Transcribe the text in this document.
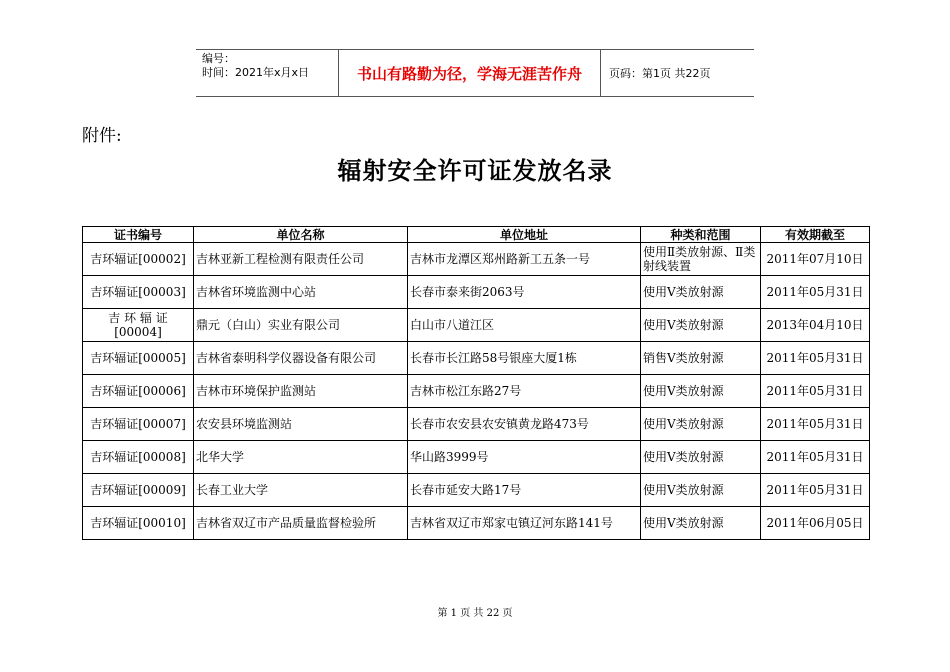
编号：
时间：2021年x月x日	书山有路勤为径，学海无涯苦作舟 页码：第1页 共22页
附件:
辐射安全许可证发放名录
证书编号	单位名称	单位地址	种类和范围	有效期截至
吉环辐证[00002]	吉林亚新工程检测有限责任公司	吉林市龙潭区郑州路新工五条一号	使用Ⅱ类放射源、Ⅱ类射线装置	2011年07月10日
吉环辐证[00003]	吉林省环境监测中心站	长春市泰来街2063号	使用Ⅴ类放射源	2011年05月31日
吉 环 辐 证[00004]	鼎元（白山）实业有限公司	白山市八道江区	使用Ⅴ类放射源	2013年04月10日
吉环辐证[00005]	吉林省泰明科学仪器设备有限公司	长春市长江路58号银座大厦1栋	销售Ⅴ类放射源	2011年05月31日
吉环辐证[00006]	吉林市环境保护监测站	吉林市松江东路27号	使用Ⅴ类放射源	2011年05月31日
吉环辐证[00007]	农安县环境监测站	长春市农安县农安镇黄龙路473号	使用Ⅴ类放射源	2011年05月31日
吉环辐证[00008]	北华大学	华山路3999号	使用Ⅴ类放射源	2011年05月31日
吉环辐证[00009]	长春工业大学	长春市延安大路17号	使用Ⅴ类放射源	2011年05月31日
吉环辐证[00010]	吉林省双辽市产品质量监督检验所	吉林省双辽市郑家屯镇辽河东路141号	使用Ⅴ类放射源	2011年06月05日
第 1 页 共 22 页
